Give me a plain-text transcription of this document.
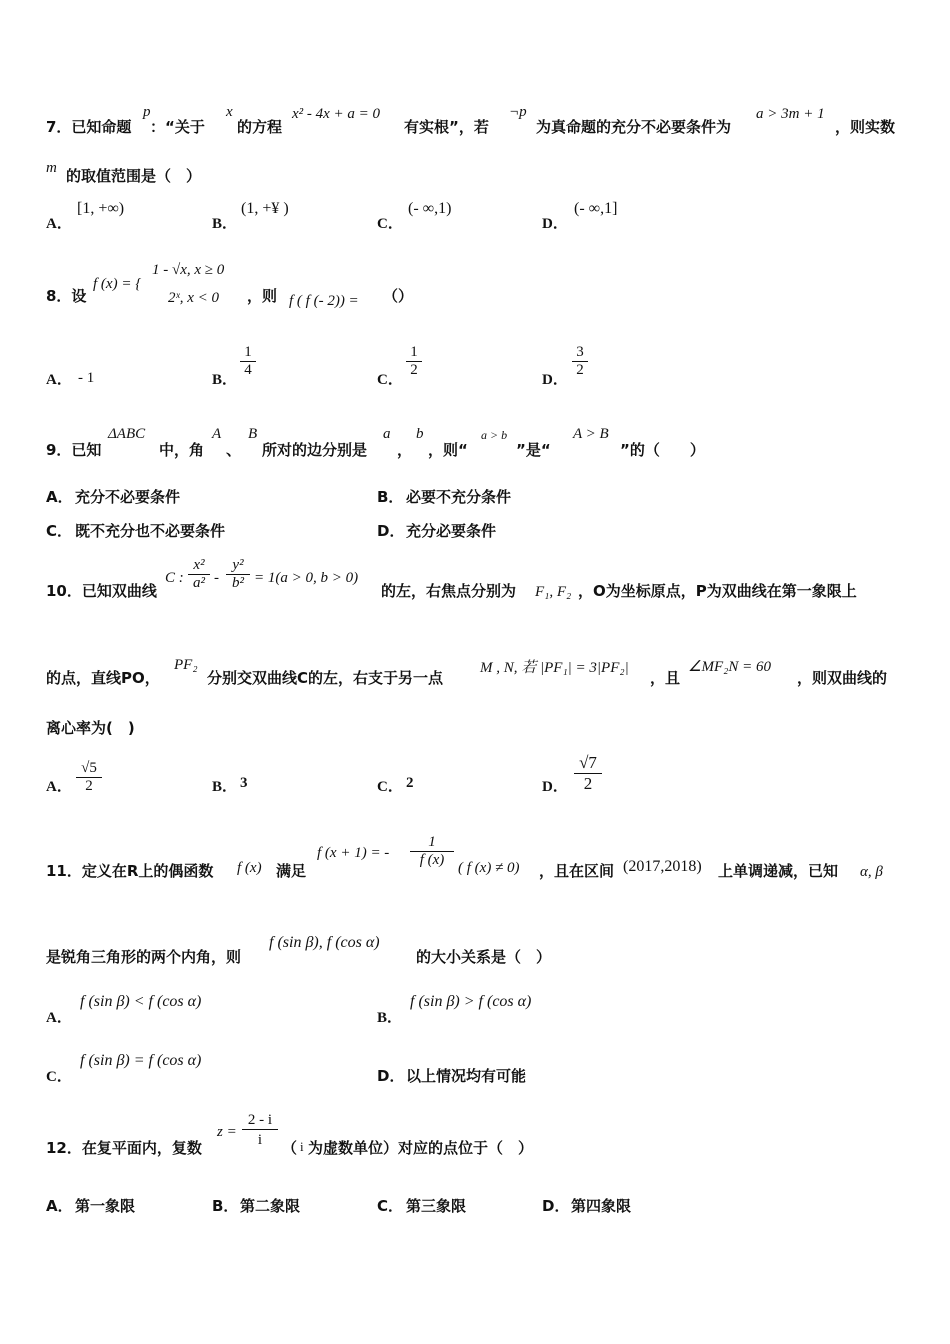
7．已知命题
p
：“关于
x
的方程
x² - 4x + a = 0
有实根”，若
¬p
为真命题的充分不必要条件为
a > 3m + 1
，则实数
m 的取值范围是（　）
A．
[1, +∞)
B．
(1, +¥ )
C．
(- ∞,1)
D．
(- ∞,1]
8．设
f (x) = {
1 - √x, x ≥ 0
2ˣ, x < 0 ，则 f ( f (- 2)) = （）
A． - 1	B．
$\frac{1}{4}$
C．
$\frac{1}{2}$
D．
$\frac{3}{2}$
9．已知
ΔABC
中，角
A
、
B
所对的边分别是
a
，
b
，则“
a > b
”是“
A > B
”的（　　）
A． 充分不必要条件	B． 必要不充分条件
C． 既不充分也不必要条件	D． 充分必要条件
10．已知双曲线
C : $\frac{\text{x²}}{\text{a²}} - \frac{\text{y²}}{\text{b²}} = 1(a > 0$, b > 0)
的左，右焦点分别为 F₁, F₂ ，O为坐标原点，P为双曲线在第一象限上
的点，直线PO，
PF₂
分别交双曲线C的左，右支于另一点
M , N, 若 |PF₁| = 3|PF₂|
，且
∠MF₂N = 60
，则双曲线的
离心率为(　)
A． $\frac{√5}{2}$	B． 3	C． 2	D． $\frac{√7}{2}$
11．定义在R上的偶函数 f (x) 满足
f (x + 1) = - $\frac{1}{f (x)}$ ( f (x) ≠ 0) ，且在区间 (2017,2018) 上单调递减，已知 α, β
是锐角三角形的两个内角，则
f (sin β), f (cos α)
的大小关系是（　）
A．
f (sin β) < f (cos α)
B．
f (sin β) > f (cos α)
C．
f (sin β) = f (cos α)
D． 以上情况均有可能
12．在复平面内，复数
$z = \frac{2 - i}{i}$ （ i 为虚数单位）对应的点位于（　）
A． 第一象限	B． 第二象限	C． 第三象限	D． 第四象限
